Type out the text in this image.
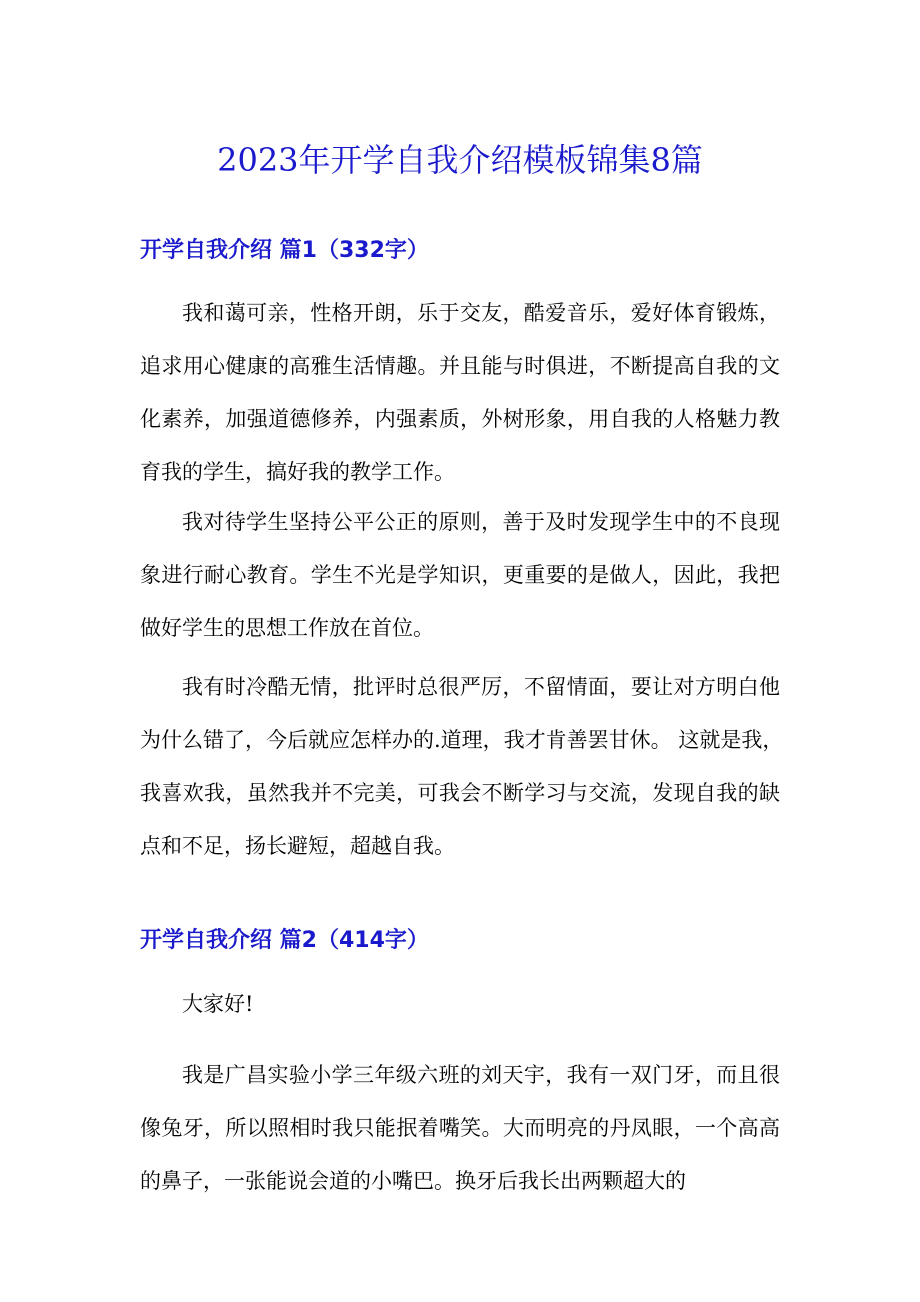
2023年开学自我介绍模板锦集8篇
开学自我介绍 篇1（332字）
我和蔼可亲，性格开朗，乐于交友，酷爱音乐，爱好体育锻炼，
追求用心健康的高雅生活情趣。并且能与时俱进，不断提高自我的文
化素养，加强道德修养，内强素质，外树形象，用自我的人格魅力教
育我的学生，搞好我的教学工作。
我对待学生坚持公平公正的原则，善于及时发现学生中的不良现
象进行耐心教育。学生不光是学知识，更重要的是做人，因此，我把
做好学生的思想工作放在首位。
我有时冷酷无情，批评时总很严厉，不留情面，要让对方明白他
为什么错了，今后就应怎样办的.道理，我才肯善罢甘休。 这就是我，
我喜欢我，虽然我并不完美，可我会不断学习与交流，发现自我的缺
点和不足，扬长避短，超越自我。
开学自我介绍 篇2（414字）
大家好!
我是广昌实验小学三年级六班的刘天宇，我有一双门牙，而且很
像兔牙，所以照相时我只能抿着嘴笑。大而明亮的丹凤眼，一个高高
的鼻子，一张能说会道的小嘴巴。换牙后我长出两颗超大的
